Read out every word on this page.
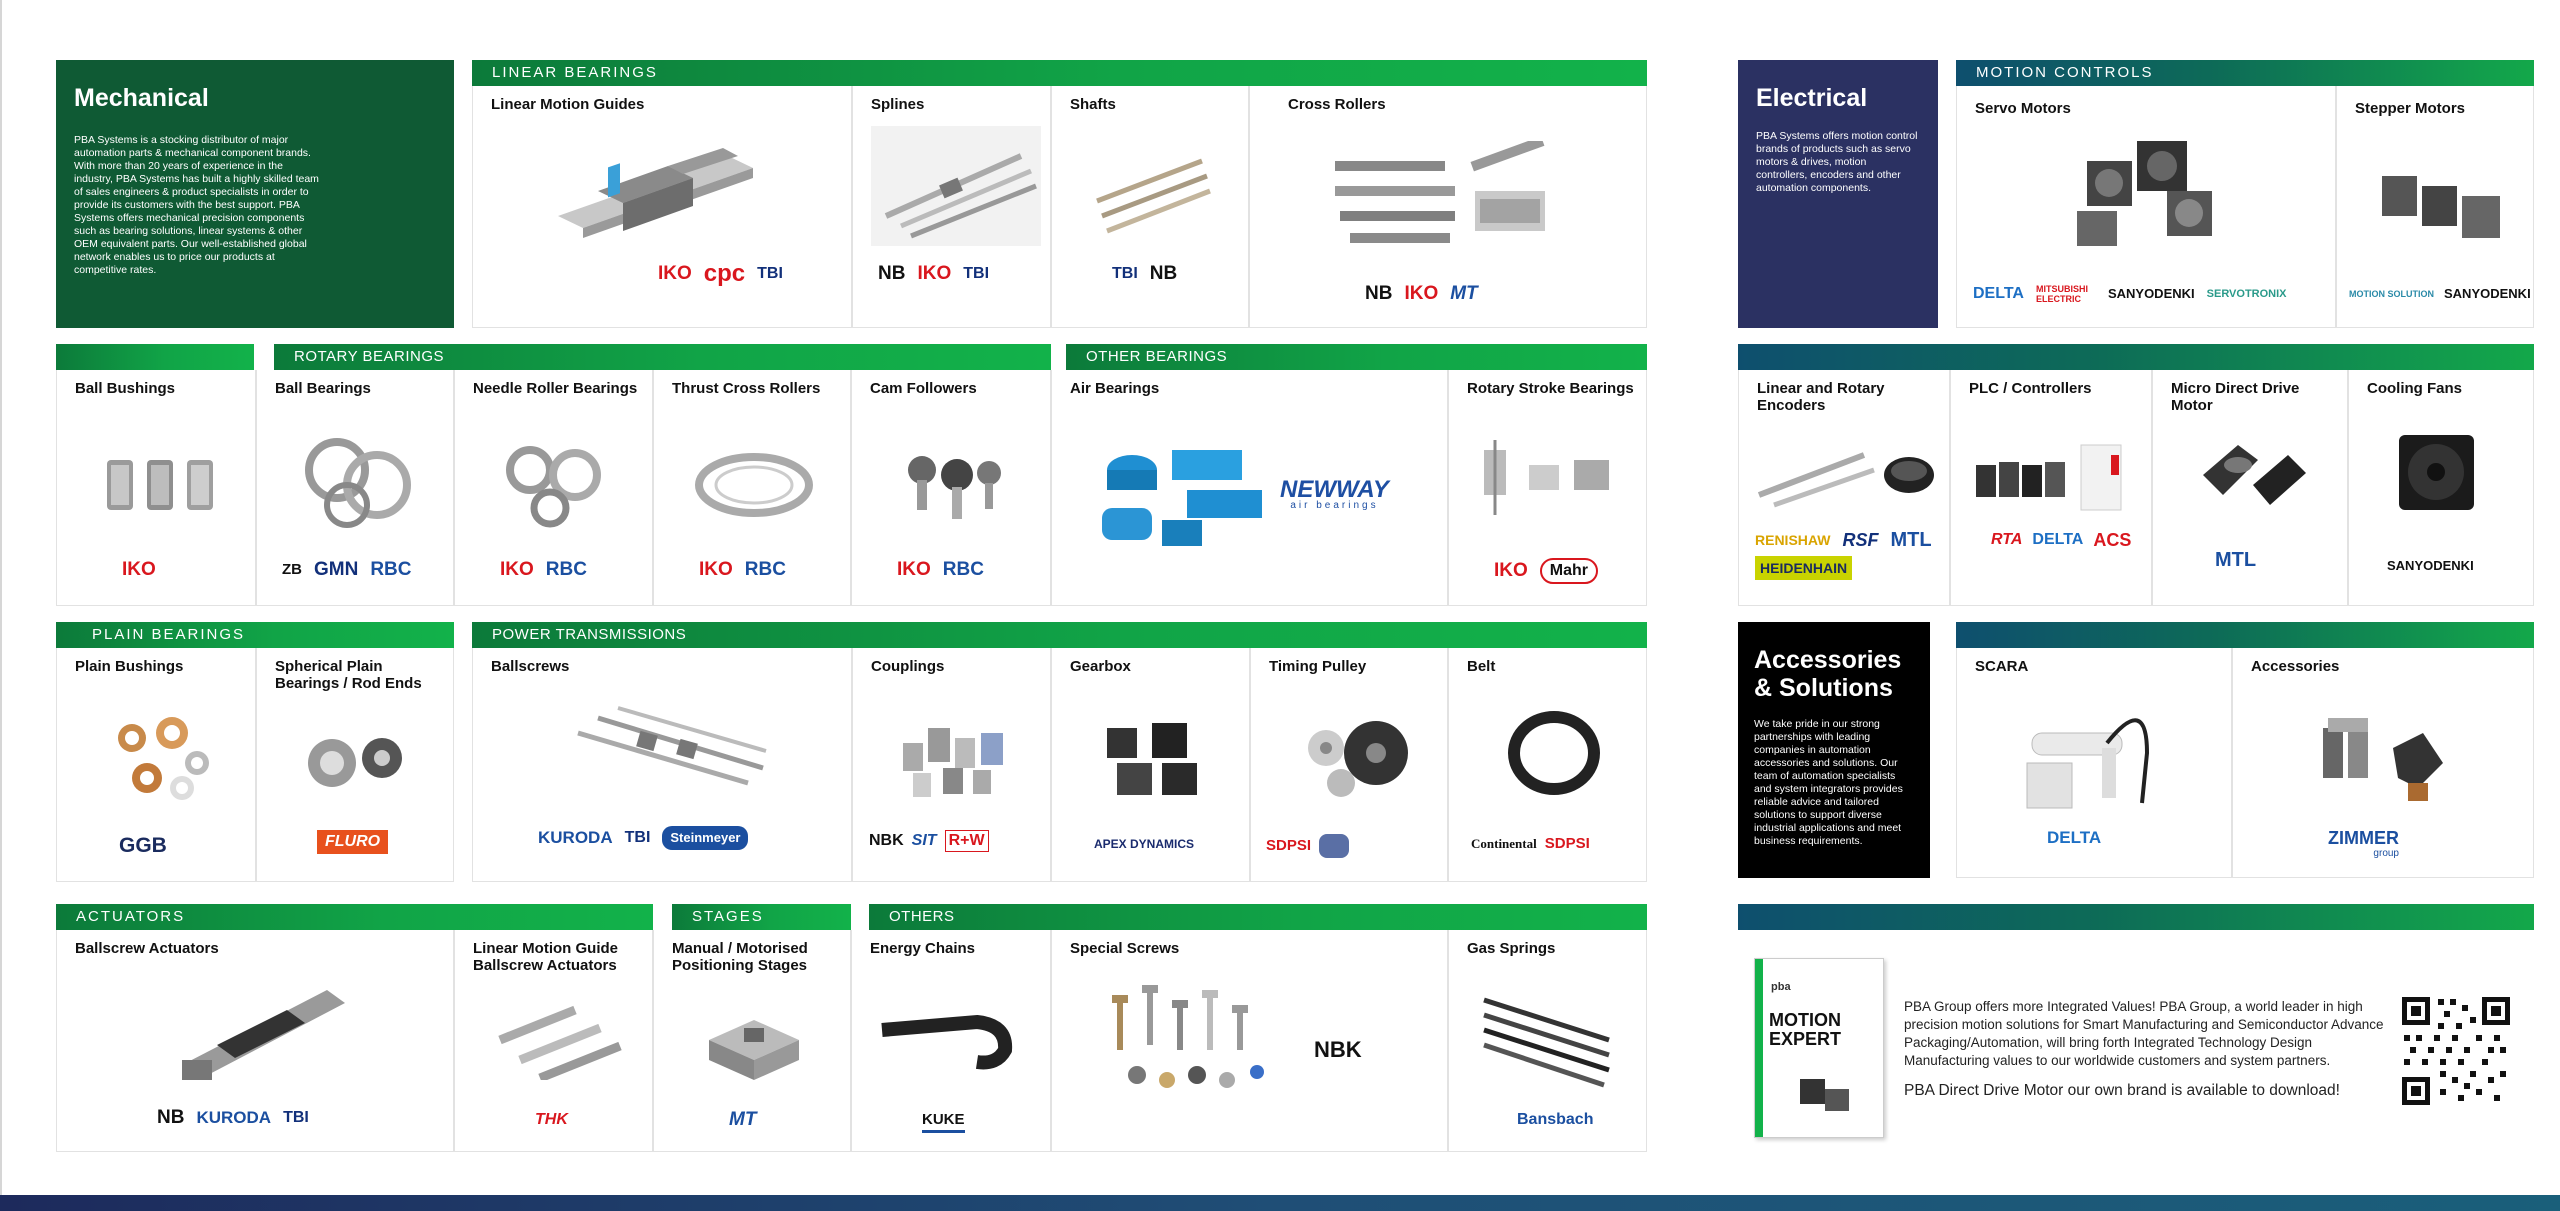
Mechanical

PBA Systems is a stocking distributor of major automation parts & mechanical component brands. With more than 20 years of experience in the industry, PBA Systems has built a highly skilled team of sales engineers & product specialists in order to provide its customers with the best support. PBA Systems offers mechanical precision components such as bearing solutions, linear systems & other OEM equivalent parts. Our well-established global network enables us to price our products at competitive rates.

LINEAR BEARINGS
Linear Motion Guides
IKO cpc TBI
Splines
NB IKO TBI
Shafts
TBI NB
Cross Rollers
NB IKO MT
ROTARY BEARINGS	OTHER BEARINGS
Ball Bushings
IKO
Ball Bearings
ZB GMN RBC
Needle Roller Bearings
IKO RBC
Thrust Cross Rollers
IKO RBC
Cam Followers
IKO RBC
Air Bearings
NEWWAY
air bearings
Rotary Stroke Bearings
IKO	Mahr
PLAIN BEARINGS	POWER TRANSMISSIONS
Plain Bushings
GGB
Spherical Plain Bearings / Rod Ends
FLURO
Ballscrews
KURODA TBI	Steinmeyer
Couplings
NBK SIT R+W
Gearbox
APEX DYNAMICS
Timing Pulley
SDPSI

Belt
Continental SDPSI
ACTUATORS	STAGES	OTHERS
Ballscrew Actuators
NB KURODA TBI
Linear Motion Guide Ballscrew Actuators
THK
Manual / Motorised Positioning Stages
MT
Energy Chains
KUKE
Special Screws
NBK
Gas Springs
Bansbach
Electrical

PBA Systems offers motion control brands of products such as servo motors & drives, motion controllers, encoders and other automation components.

MOTION CONTROLS
Servo Motors
DELTA MITSUBISHI ELECTRIC	SANYODENKI SERVOTRONIX
Stepper Motors
MOTION SOLUTION SANYODENKI
Linear and Rotary Encoders
RENISHAW RSF MTL
HEIDENHAIN
PLC / Controllers
RTA DELTA ACS
Micro Direct Drive Motor
MTL
Cooling Fans
SANYODENKI
Accessories & Solutions

We take pride in our strong partnerships with leading companies in automation accessories and solutions. Our team of automation specialists and system integrators provides reliable advice and tailored solutions to support diverse industrial applications and meet business requirements.

SCARA
DELTA
Accessories
ZIMMER
group
pba
MOTION EXPERT

PBA Group offers more Integrated Values! PBA Group, a world leader in high precision motion solutions for Smart Manufacturing and Semiconductor Advance Packaging/Automation, will bring forth Integrated Technology Design Manufacturing values to our worldwide customers and system partners.

PBA Direct Drive Motor our own brand is available to download!
